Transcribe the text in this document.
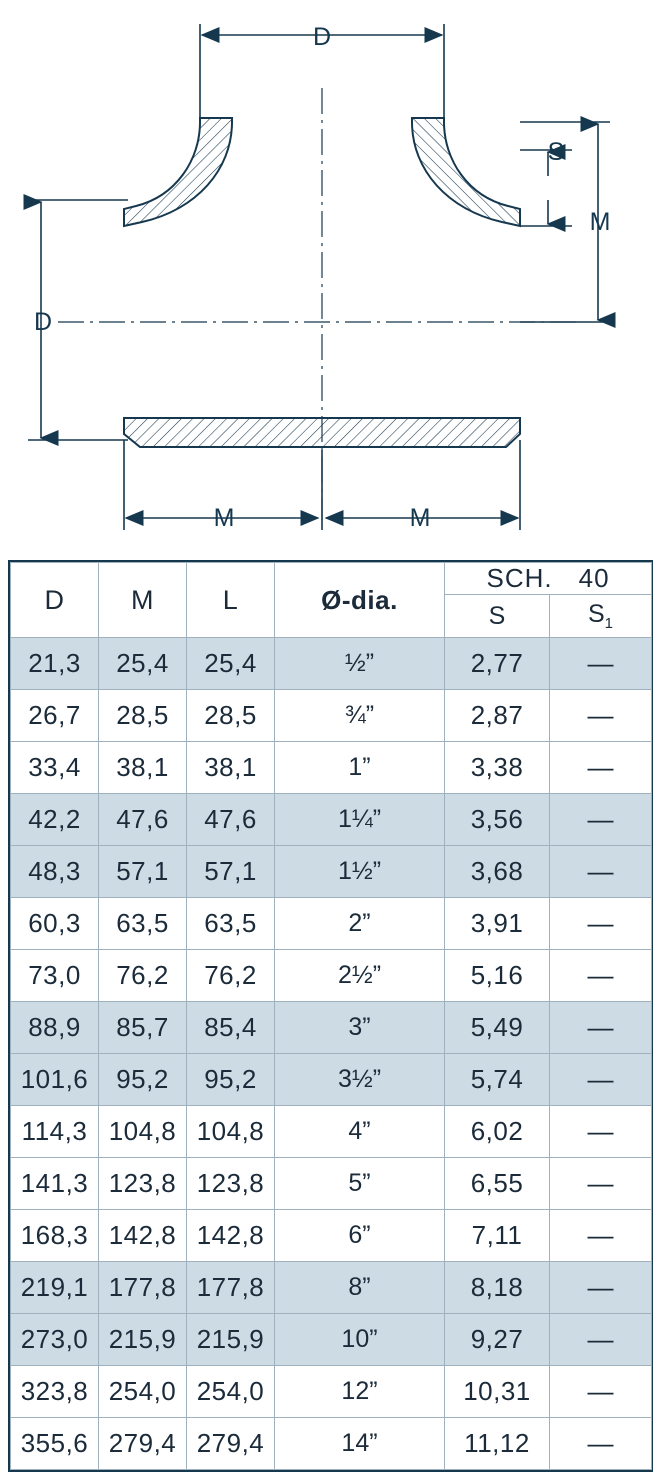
D
D
S
M
M	M
D	M	L	Ø-dia.	SCH. 40	
				S	$S_1$
21,3	25,4	25,4	½”	2,77	—
26,7	28,5	28,5	¾”	2,87	—
33,4	38,1	38,1	1”	3,38	—
42,2	47,6	47,6	1¼”	3,56	—
48,3	57,1	57,1	1½”	3,68	—
60,3	63,5	63,5	2”	3,91	—
73,0	76,2	76,2	2½”	5,16	—
88,9	85,7	85,4	3”	5,49	—
101,6	95,2	95,2	3½”	5,74	—
114,3	104,8	104,8	4”	6,02	—
141,3	123,8	123,8	5”	6,55	—
168,3	142,8	142,8	6”	7,11	—
219,1	177,8	177,8	8”	8,18	—
273,0	215,9	215,9	10”	9,27	—
323,8	254,0	254,0	12”	10,31	—
355,6	279,4	279,4	14”	11,12	—
